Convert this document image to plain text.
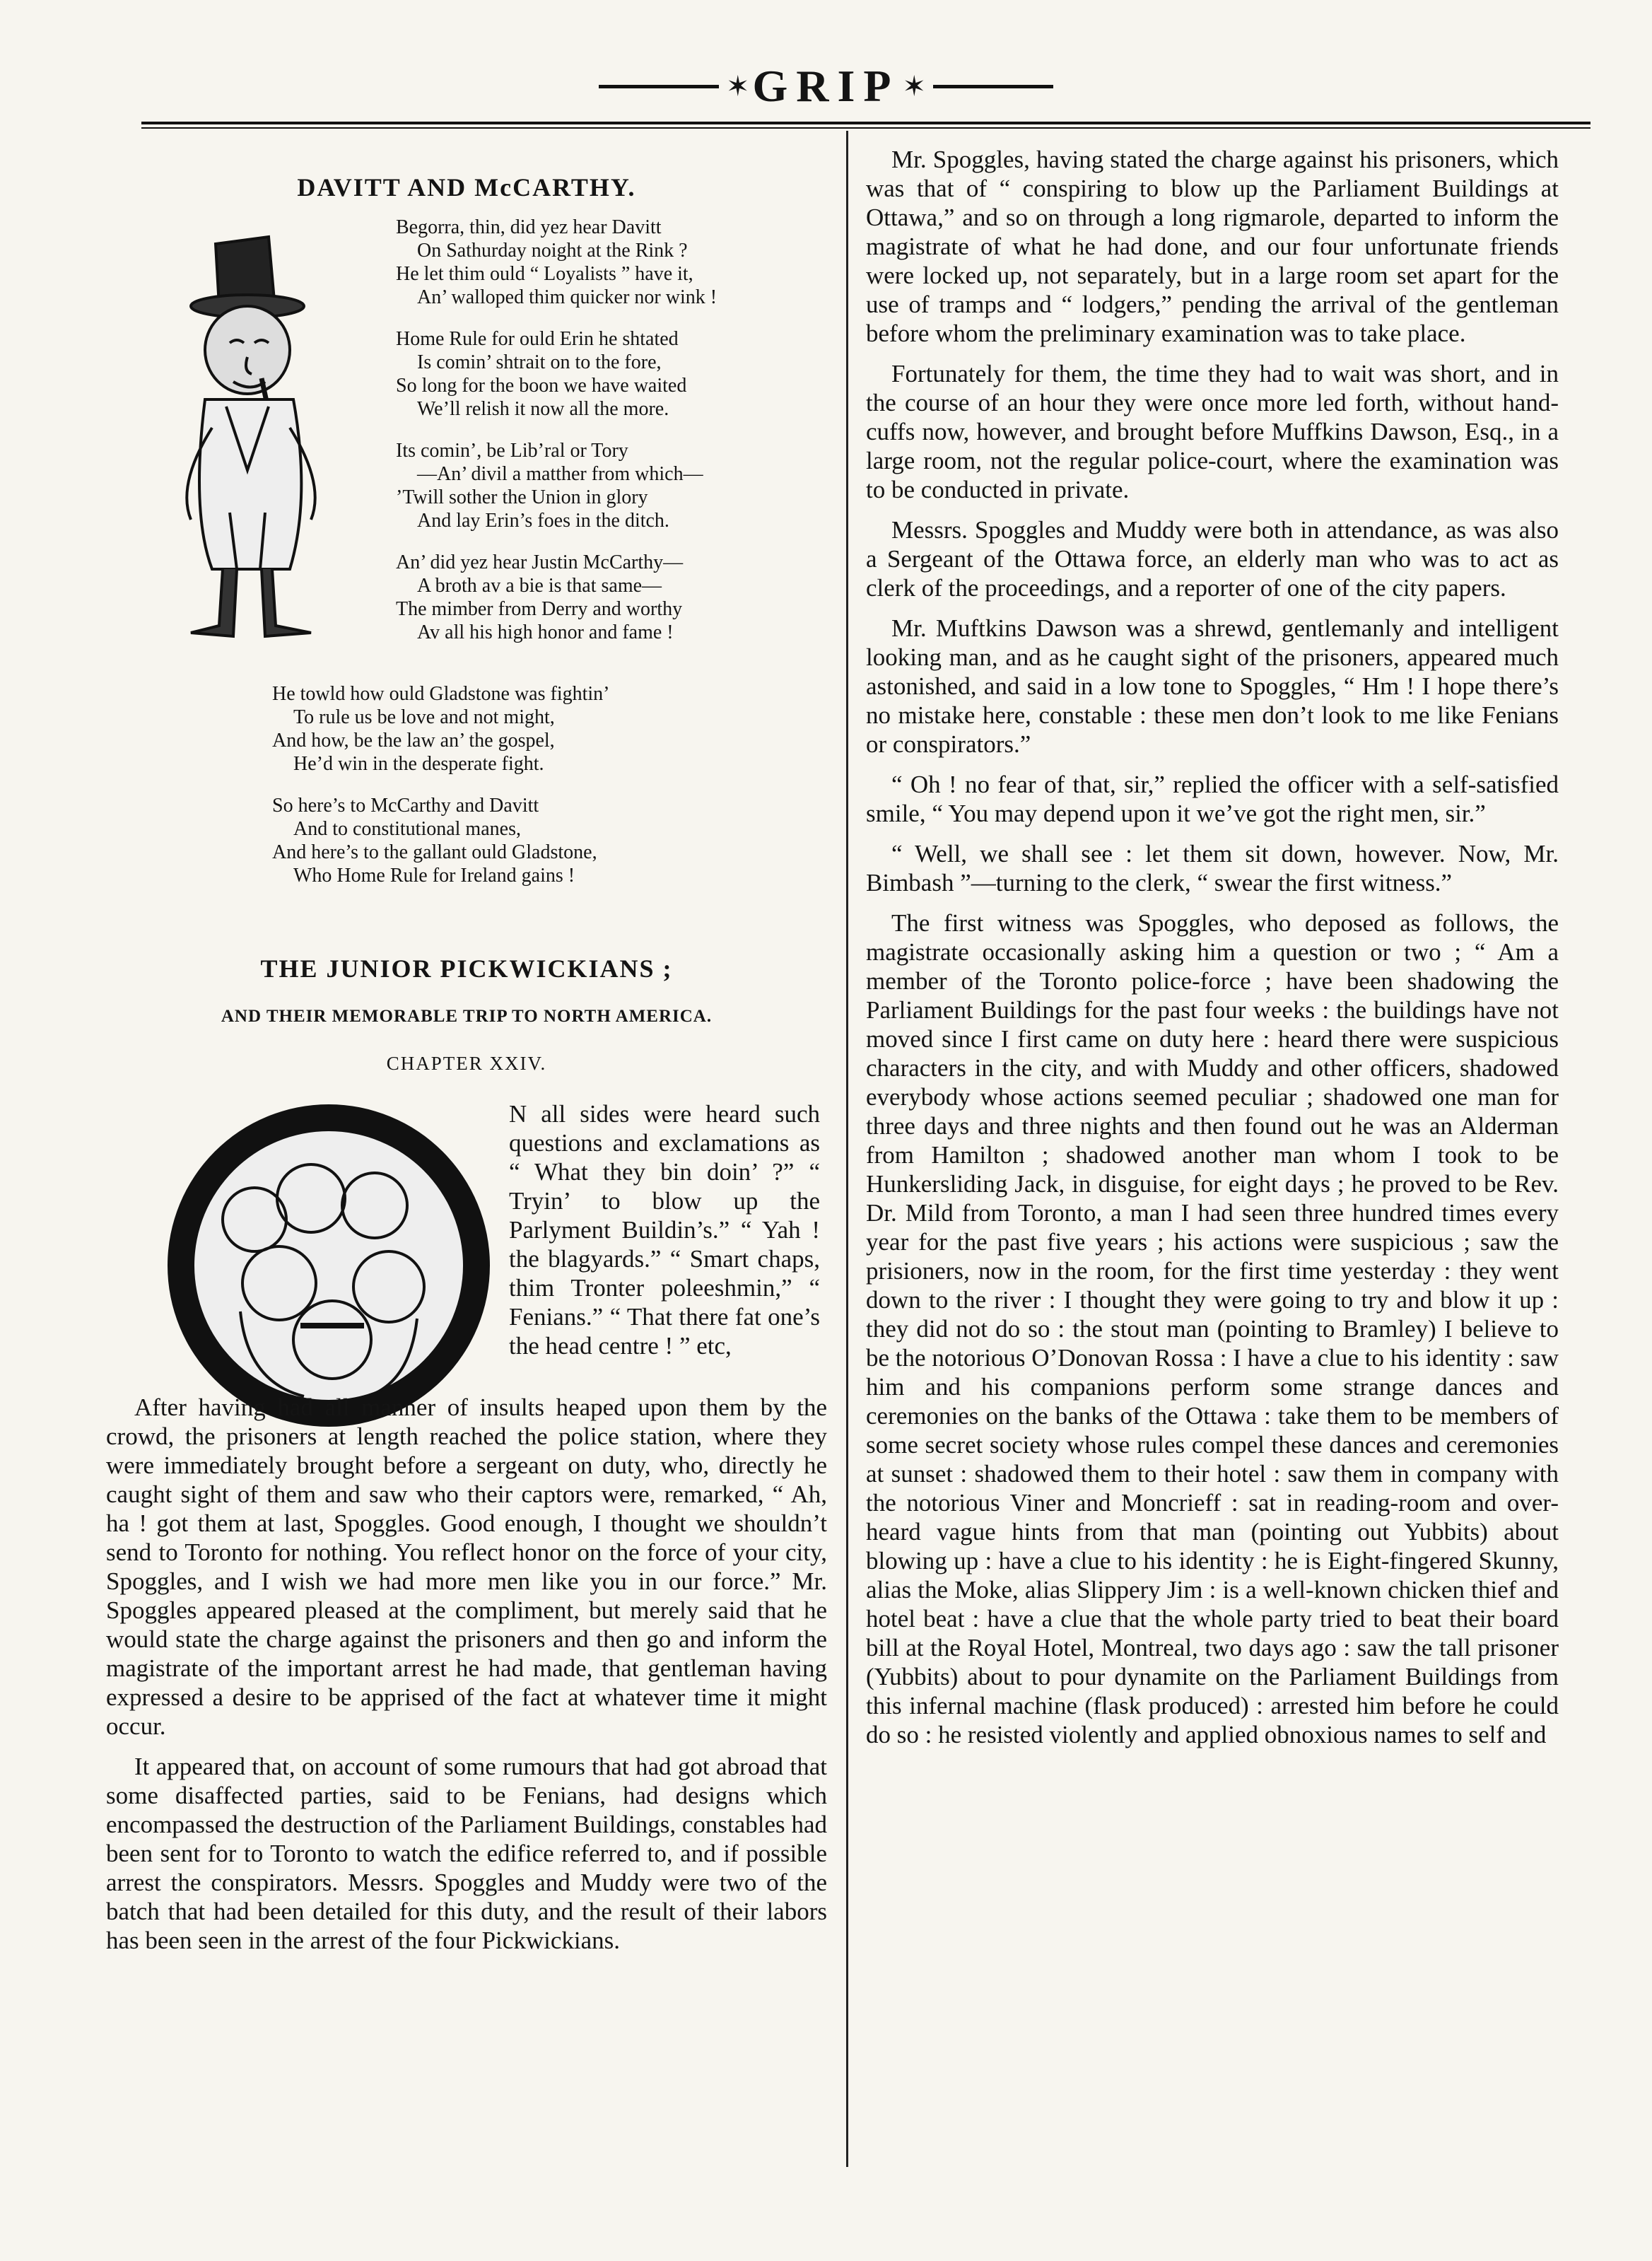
✶ GRIP ✶
DAVITT AND McCARTHY.

Begorra, thin, did yez hear Davitt

On Sathurday noight at the Rink ?

He let thim ould “ Loyalists ” have it,

An’ walloped thim quicker nor wink !

Home Rule for ould Erin he shtated

Is comin’ shtrait on to the fore,

So long for the boon we have waited

We’ll relish it now all the more.

Its comin’, be Lib’ral or Tory

—An’ divil a matther from which—

’Twill sother the Union in glory

And lay Erin’s foes in the ditch.

An’ did yez hear Justin McCarthy—

A broth av a bie is that same—

The mimber from Derry and worthy

Av all his high honor and fame !

He towld how ould Gladstone was fightin’

To rule us be love and not might,

And how, be the law an’ the gospel,

He’d win in the desperate fight.

So here’s to McCarthy and Davitt

And to constitutional manes,

And here’s to the gallant ould Gladstone,

Who Home Rule for Ireland gains !

THE JUNIOR PICKWICKIANS ;

AND THEIR MEMORABLE TRIP TO NORTH AMERICA.

CHAPTER XXIV.

N all sides were heard such questions and exclamations as “ What they bin doin’ ?” “ Tryin’ to blow up the Parlyment Buildin’s.” “ Yah ! the blagyards.” “ Smart chaps, thim Tronter poleeshmin,” “ Fenians.” “ That there fat one’s the head centre ! ” etc,

After having had all manner of insults heaped upon them by the crowd, the prisoners at length reached the police station, where they were immediately brought before a sergeant on duty, who, directly he caught sight of them and saw who their captors were, remarked, “ Ah, ha ! got them at last, Spoggles. Good enough, I thought we shouldn’t send to Toronto for nothing. You reflect honor on the force of your city, Spoggles, and I wish we had more men like you in our force.” Mr. Spoggles appeared pleased at the compliment, but merely said that he would state the charge against the prisoners and then go and inform the magistrate of the important arrest he had made, that gentleman having expressed a desire to be apprised of the fact at whatever time it might occur.

It appeared that, on account of some rumours that had got abroad that some disaffected parties, said to be Fenians, had designs which encompassed the destruction of the Parliament Buildings, constables had been sent for to Toronto to watch the edifice referred to, and if possible arrest the conspirators. Messrs. Spoggles and Muddy were two of the batch that had been detailed for this duty, and the result of their labors has been seen in the arrest of the four Pickwickians.

Mr. Spoggles, having stated the charge against his prisoners, which was that of “ conspiring to blow up the Parliament Buildings at Ottawa,” and so on through a long rigmarole, departed to inform the magistrate of what he had done, and our four unfortunate friends were locked up, not separately, but in a large room set apart for the use of tramps and “ lodgers,” pending the arrival of the gentleman before whom the preliminary examination was to take place.

Fortunately for them, the time they had to wait was short, and in the course of an hour they were once more led forth, without hand-cuffs now, however, and brought before Muffkins Dawson, Esq., in a large room, not the regular police-court, where the examination was to be conducted in private.

Messrs. Spoggles and Muddy were both in attendance, as was also a Sergeant of the Ottawa force, an elderly man who was to act as clerk of the proceedings, and a reporter of one of the city papers.

Mr. Muftkins Dawson was a shrewd, gentlemanly and intelligent looking man, and as he caught sight of the prisoners, appeared much astonished, and said in a low tone to Spoggles, “ Hm ! I hope there’s no mistake here, constable : these men don’t look to me like Fenians or conspirators.”

“ Oh ! no fear of that, sir,” replied the officer with a self-satisfied smile, “ You may depend upon it we’ve got the right men, sir.”

“ Well, we shall see : let them sit down, however. Now, Mr. Bimbash ”—turning to the clerk, “ swear the first witness.”

The first witness was Spoggles, who deposed as follows, the magistrate occasionally asking him a question or two ; “ Am a member of the Toronto police-force ; have been shadowing the Parliament Buildings for the past four weeks : the buildings have not moved since I first came on duty here : heard there were suspicious characters in the city, and with Muddy and other officers, shadowed everybody whose actions seemed peculiar ; shadowed one man for three days and three nights and then found out he was an Alderman from Hamilton ; shadowed another man whom I took to be Hunkersliding Jack, in disguise, for eight days ; he proved to be Rev. Dr. Mild from Toronto, a man I had seen three hundred times every year for the past five years ; his actions were suspicious ; saw the prisioners, now in the room, for the first time yesterday : they went down to the river : I thought they were going to try and blow it up : they did not do so : the stout man (pointing to Bramley) I believe to be the notorious O’Donovan Rossa : I have a clue to his identity : saw him and his companions perform some strange dances and ceremonies on the banks of the Ottawa : take them to be members of some secret society whose rules compel these dances and ceremonies at sunset : shadowed them to their hotel : saw them in company with the notorious Viner and Moncrieff : sat in reading-room and over-heard vague hints from that man (pointing out Yubbits) about blowing up : have a clue to his identity : he is Eight-fingered Skunny, alias the Moke, alias Slippery Jim : is a well-known chicken thief and hotel beat : have a clue that the whole party tried to beat their board bill at the Royal Hotel, Montreal, two days ago : saw the tall prisoner (Yubbits) about to pour dynamite on the Parliament Buildings from this infernal machine (flask produced) : arrested him before he could do so : he resisted violently and applied obnoxious names to self and
